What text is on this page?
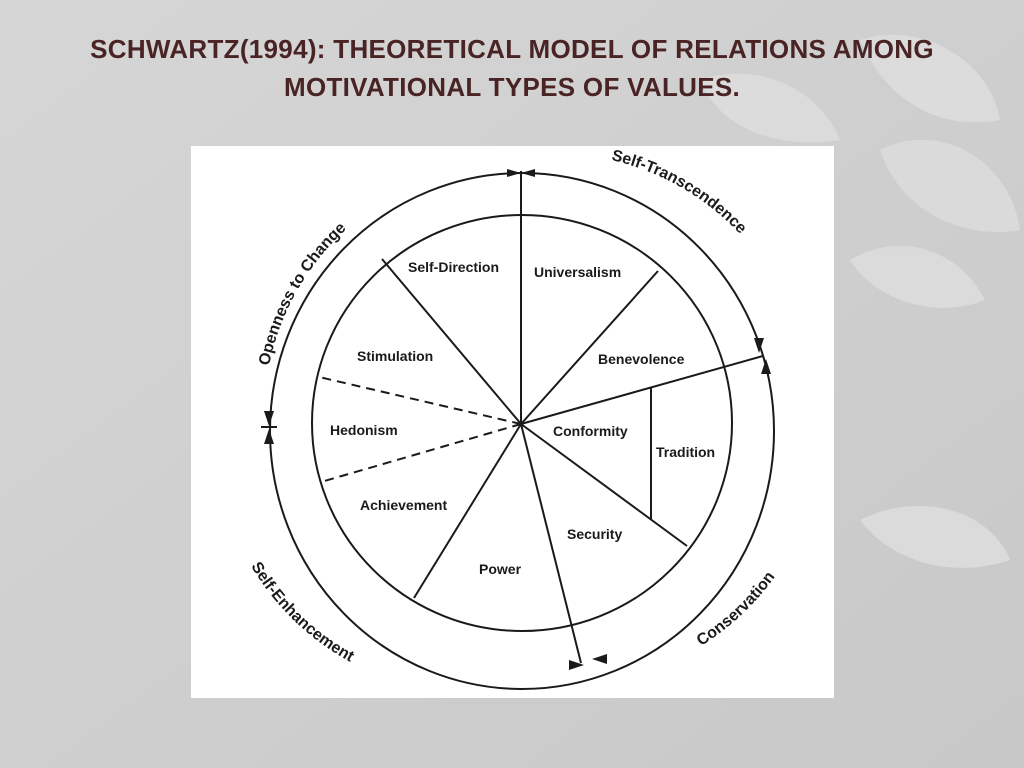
SCHWARTZ(1994): THEORETICAL MODEL OF RELATIONS AMONG
MOTIVATIONAL TYPES OF VALUES.
Self-Direction Universalism
Benevolence
Conformity
Tradition
Security
Power
Achievement
Hedonism
Stimulation
Openness to Change
Self-Transcendence
Conservation
Self-Enhancement
